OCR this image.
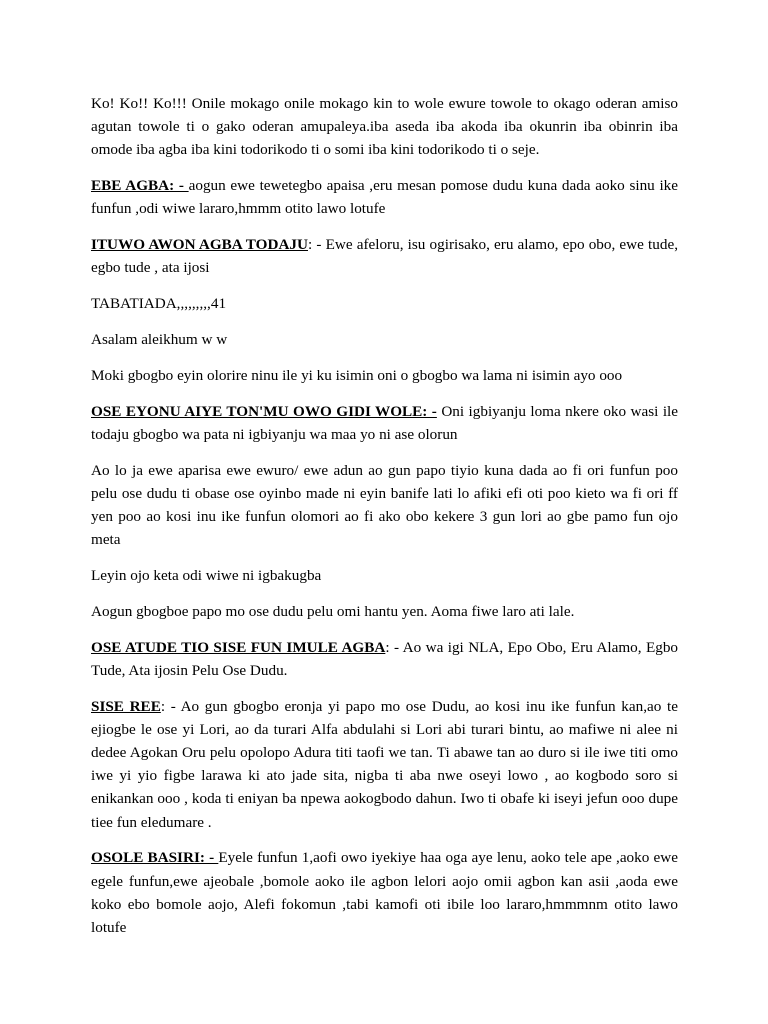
Ko! Ko!! Ko!!! Onile mokago onile mokago kin to wole ewure towole to okago oderan amiso agutan towole ti o gako oderan amupaleya.iba aseda iba akoda iba okunrin iba obinrin iba omode iba agba iba kini todorikodo ti o somi iba kini todorikodo ti o seje.

EBE AGBA: - aogun ewe tewetegbo apaisa ,eru mesan pomose dudu kuna dada aoko sinu ike funfun ,odi wiwe lararo,hmmm otito lawo lotufe

ITUWO AWON AGBA TODAJU: - Ewe afeloru, isu ogirisako, eru alamo, epo obo, ewe tude, egbo tude , ata ijosi

TABATIADA,,,,,,,,,41

Asalam aleikhum w w

Moki gbogbo eyin olorire ninu ile yi ku isimin oni o gbogbo wa lama ni isimin ayo ooo

OSE EYONU AIYE TON'MU OWO GIDI WOLE: - Oni igbiyanju loma nkere oko wasi ile todaju gbogbo wa pata ni igbiyanju wa maa yo ni ase olorun

Ao lo ja ewe aparisa ewe ewuro/ ewe adun ao gun papo tiyio kuna dada ao fi ori funfun poo pelu ose dudu ti obase ose oyinbo made ni eyin banife lati lo afiki efi oti poo kieto wa fi ori ff yen poo ao kosi inu ike funfun olomori ao fi ako obo kekere 3 gun lori ao gbe pamo fun ojo meta

Leyin ojo keta odi wiwe ni igbakugba

Aogun gbogboe papo mo ose dudu pelu omi hantu yen. Aoma fiwe laro ati lale.

OSE ATUDE TIO SISE FUN IMULE AGBA: - Ao wa igi NLA, Epo Obo, Eru Alamo, Egbo Tude, Ata ijosin Pelu Ose Dudu.

SISE REE: - Ao gun gbogbo eronja yi papo mo ose Dudu, ao kosi inu ike funfun kan,ao te ejiogbe le ose yi Lori, ao da turari Alfa abdulahi si Lori abi turari bintu, ao mafiwe ni alee ni dedee Agokan Oru pelu opolopo Adura titi taofi we tan. Ti abawe tan ao duro si ile iwe titi omo iwe yi yio figbe larawa ki ato jade sita, nigba ti aba nwe oseyi lowo , ao kogbodo soro si enikankan ooo , koda ti eniyan ba npewa aokogbodo dahun. Iwo ti obafe ki iseyi jefun ooo dupe tiee fun eledumare .

OSOLE BASIRI: - Eyele funfun 1,aofi owo iyekiye haa oga aye lenu, aoko tele ape ,aoko ewe egele funfun,ewe ajeobale ,bomole aoko ile agbon lelori aojo omii agbon kan asii ,aoda ewe koko ebo bomole aojo, Alefi fokomun ,tabi kamofi oti ibile loo lararo,hmmmnm otito lawo lotufe
